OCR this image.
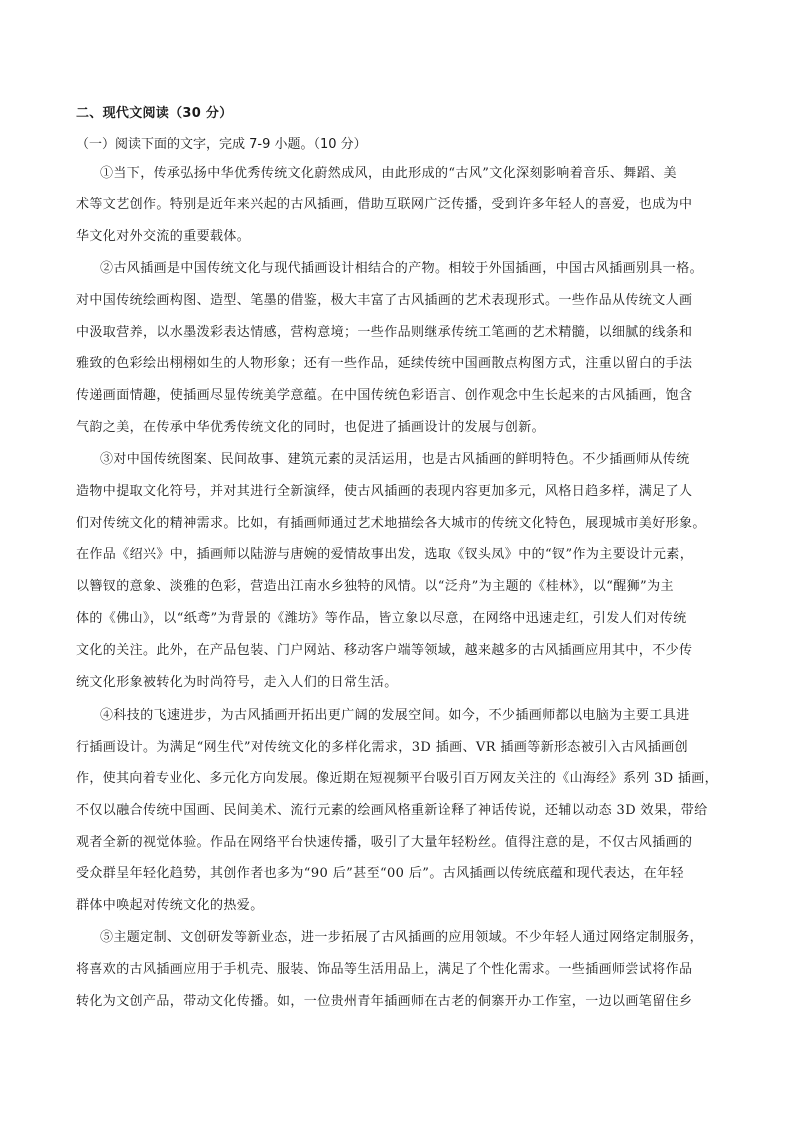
二、现代文阅读（30 分）
（一）阅读下面的文字，完成 7-9 小题。（10 分）
①当下，传承弘扬中华优秀传统文化蔚然成风，由此形成的“古风”文化深刻影响着音乐、舞蹈、美
术等文艺创作。特别是近年来兴起的古风插画，借助互联网广泛传播，受到许多年轻人的喜爱，也成为中
华文化对外交流的重要载体。
②古风插画是中国传统文化与现代插画设计相结合的产物。相较于外国插画，中国古风插画别具一格。
对中国传统绘画构图、造型、笔墨的借鉴，极大丰富了古风插画的艺术表现形式。一些作品从传统文人画
中汲取营养，以水墨泼彩表达情感，营构意境；一些作品则继承传统工笔画的艺术精髓，以细腻的线条和
雅致的色彩绘出栩栩如生的人物形象；还有一些作品，延续传统中国画散点构图方式，注重以留白的手法
传递画面情趣，使插画尽显传统美学意蕴。在中国传统色彩语言、创作观念中生长起来的古风插画，饱含
气韵之美，在传承中华优秀传统文化的同时，也促进了插画设计的发展与创新。
③对中国传统图案、民间故事、建筑元素的灵活运用，也是古风插画的鲜明特色。不少插画师从传统
造物中提取文化符号，并对其进行全新演绎，使古风插画的表现内容更加多元，风格日趋多样，满足了人
们对传统文化的精神需求。比如，有插画师通过艺术地描绘各大城市的传统文化特色，展现城市美好形象。
在作品《绍兴》中，插画师以陆游与唐婉的爱情故事出发，选取《钗头凤》中的“钗”作为主要设计元素，
以簪钗的意象、淡雅的色彩，营造出江南水乡独特的风情。以“泛舟”为主题的《桂林》，以“醒狮”为主
体的《佛山》，以“纸鸢”为背景的《潍坊》等作品，皆立象以尽意，在网络中迅速走红，引发人们对传统
文化的关注。此外，在产品包装、门户网站、移动客户端等领域，越来越多的古风插画应用其中，不少传
统文化形象被转化为时尚符号，走入人们的日常生活。
④科技的飞速进步，为古风插画开拓出更广阔的发展空间。如今，不少插画师都以电脑为主要工具进
行插画设计。为满足“网生代”对传统文化的多样化需求，3D 插画、VR 插画等新形态被引入古风插画创
作，使其向着专业化、多元化方向发展。像近期在短视频平台吸引百万网友关注的《山海经》系列 3D 插画，
不仅以融合传统中国画、民间美术、流行元素的绘画风格重新诠释了神话传说，还辅以动态 3D 效果，带给
观者全新的视觉体验。作品在网络平台快速传播，吸引了大量年轻粉丝。值得注意的是，不仅古风插画的
受众群呈年轻化趋势，其创作者也多为“90 后”甚至“00 后”。古风插画以传统底蕴和现代表达，在年轻
群体中唤起对传统文化的热爱。
⑤主题定制、文创研发等新业态，进一步拓展了古风插画的应用领域。不少年轻人通过网络定制服务，
将喜欢的古风插画应用于手机壳、服装、饰品等生活用品上，满足了个性化需求。一些插画师尝试将作品
转化为文创产品，带动文化传播。如，一位贵州青年插画师在古老的侗寨开办工作室，一边以画笔留住乡
